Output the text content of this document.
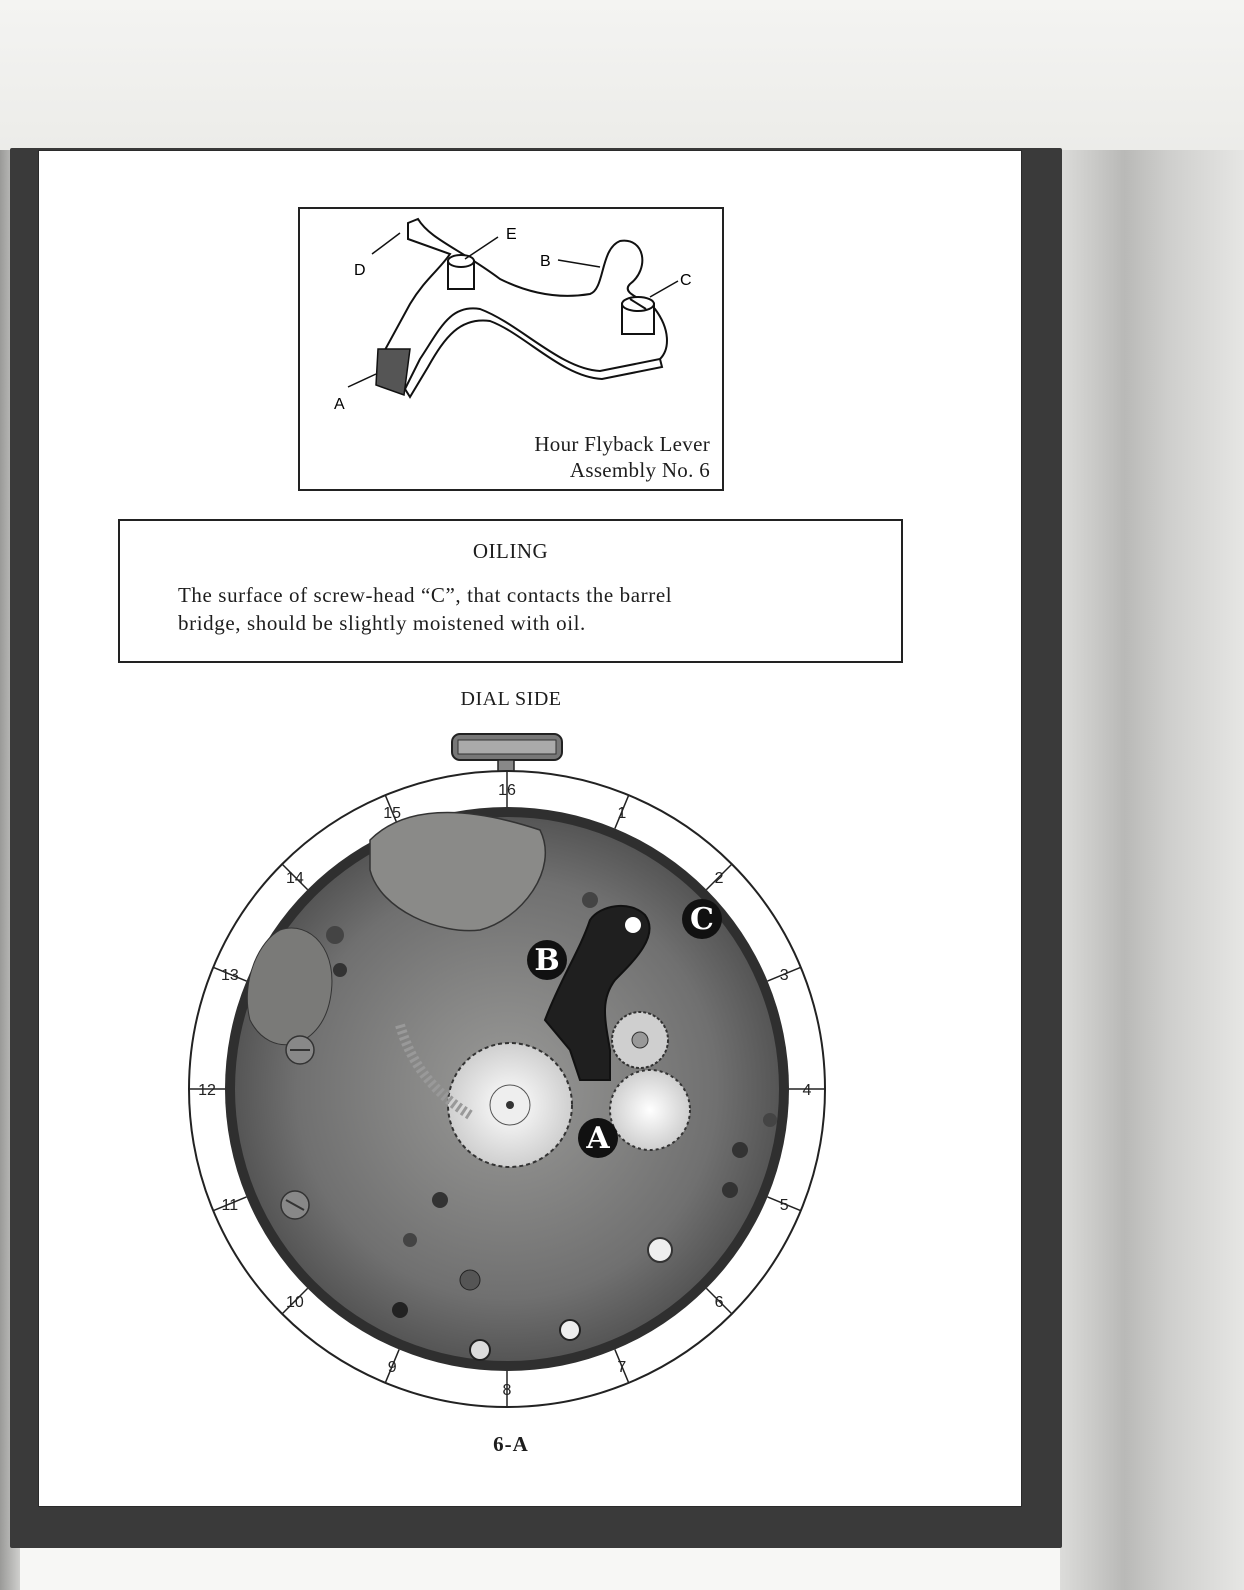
A
D
E
B
C
Hour Flyback Lever
Assembly No. 6
OILING
The surface of screw-head “C”, that contacts the barrel
bridge, should be slightly moistened with oil.
DIAL SIDE
16
1
2
3
4
5
6
7
8
9
10
11
12
13
14
15
A
B
C
6-A
